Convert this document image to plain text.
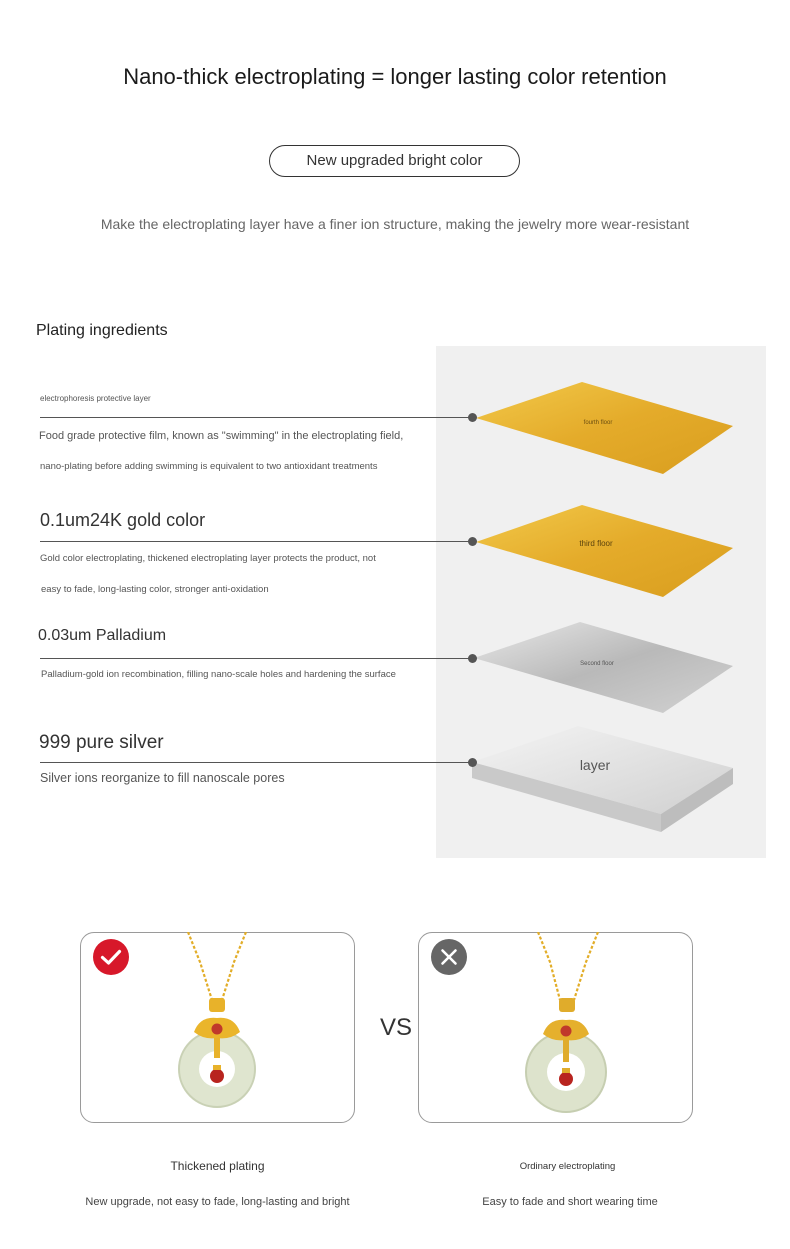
Nano-thick electroplating = longer lasting color retention
New upgraded bright color
Make the electroplating layer have a finer ion structure, making the jewelry more wear-resistant
Plating ingredients
fourth floor
third floor
Second floor
layer
electrophoresis protective layer
Food grade protective film, known as "swimming" in the electroplating field,
nano-plating before adding swimming is equivalent to two antioxidant treatments
0.1um24K gold color
Gold color electroplating, thickened electroplating layer protects the product, not
easy to fade, long-lasting color, stronger anti-oxidation
0.03um Palladium
Palladium-gold ion recombination, filling nano-scale holes and hardening the surface
999 pure silver
Silver ions reorganize to fill nanoscale pores
VS
Thickened plating
New upgrade, not easy to fade, long-lasting and bright
Ordinary electroplating
Easy to fade and short wearing time
